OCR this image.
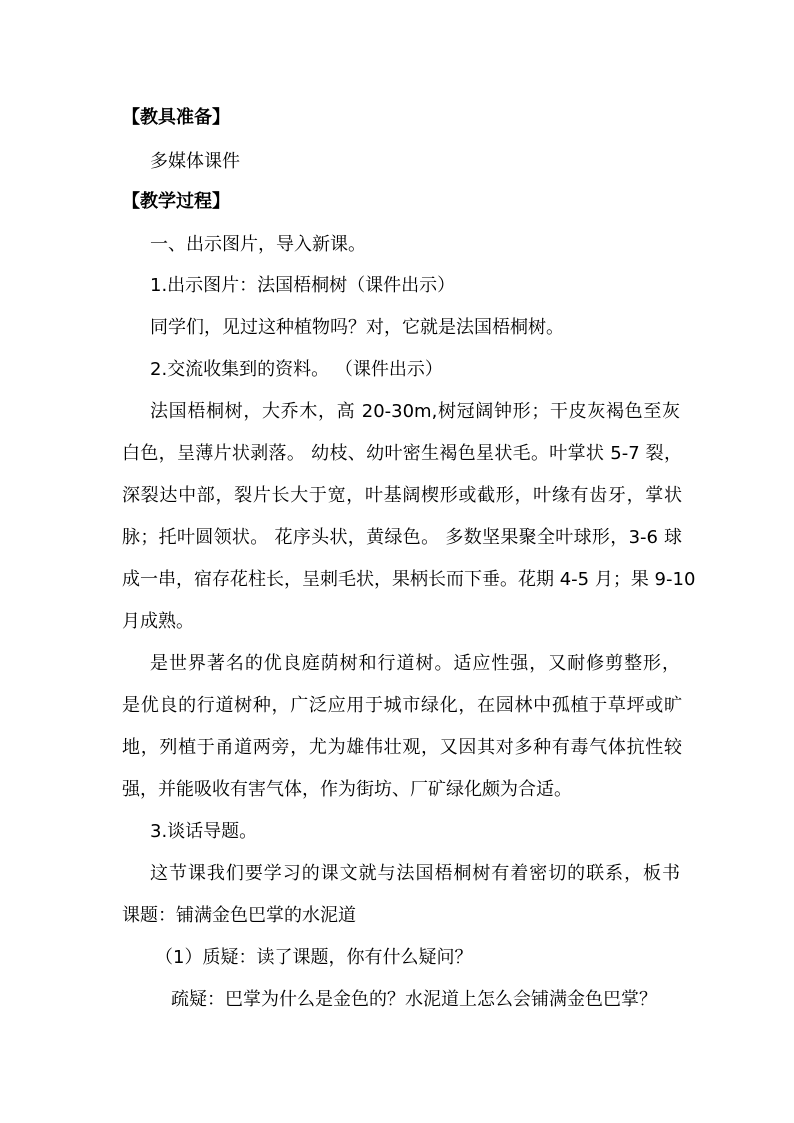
【教具准备】
多媒体课件
【教学过程】
一、出示图片，导入新课。
1.出示图片：法国梧桐树（课件出示）
同学们，见过这种植物吗？对，它就是法国梧桐树。
2.交流收集到的资料。 （课件出示）
法国梧桐树，大乔木，高 20-30m,树冠阔钟形；干皮灰褐色至灰
白色，呈薄片状剥落。 幼枝、幼叶密生褐色星状毛。叶掌状 5-7 裂，
深裂达中部，裂片长大于宽，叶基阔楔形或截形，叶缘有齿牙，掌状
脉；托叶圆领状。 花序头状，黄绿色。 多数坚果聚全叶球形，3-6 球
成一串，宿存花柱长，呈刺毛状，果柄长而下垂。花期 4-5 月；果 9-10
月成熟。
是世界著名的优良庭荫树和行道树。适应性强，又耐修剪整形，
是优良的行道树种，广泛应用于城市绿化，在园林中孤植于草坪或旷
地，列植于甬道两旁，尤为雄伟壮观，又因其对多种有毒气体抗性较
强，并能吸收有害气体，作为街坊、厂矿绿化颇为合适。
3.谈话导题。
这节课我们要学习的课文就与法国梧桐树有着密切的联系，板书
课题：铺满金色巴掌的水泥道
（1）质疑：读了课题，你有什么疑问？
疏疑：巴掌为什么是金色的？水泥道上怎么会铺满金色巴掌？
